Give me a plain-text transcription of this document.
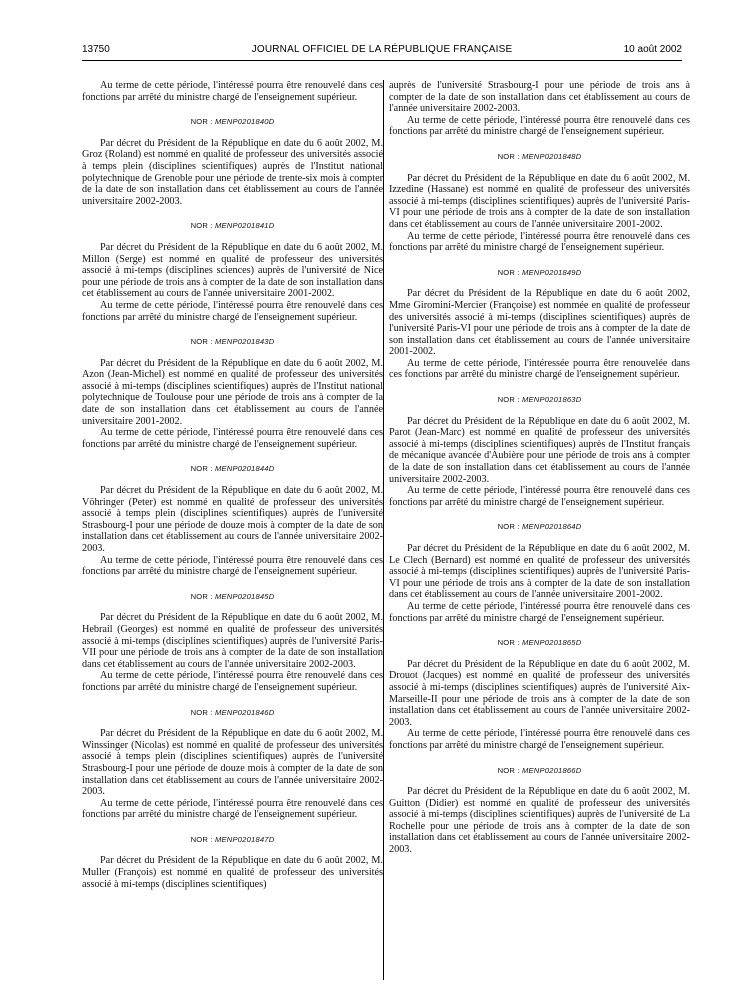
13750	JOURNAL OFFICIEL DE LA RÉPUBLIQUE FRANÇAISE	10 août 2002

Au terme de cette période, l'intéressé pourra être renouvelé dans ces fonctions par arrêté du ministre chargé de l'enseignement supérieur.

NOR : MENP0201840D

Par décret du Président de la République en date du 6 août 2002, M. Groz (Roland) est nommé en qualité de professeur des universités associé à temps plein (disciplines scientifiques) auprès de l'Institut national polytechnique de Grenoble pour une période de trente-six mois à compter de la date de son installation dans cet établissement au cours de l'année universitaire 2002-2003.

NOR : MENP0201841D

Par décret du Président de la République en date du 6 août 2002, M. Millon (Serge) est nommé en qualité de professeur des universités associé à mi-temps (disciplines sciences) auprès de l'université de Nice pour une période de trois ans à compter de la date de son installation dans cet établissement au cours de l'année universitaire 2001-2002.

Au terme de cette période, l'intéressé pourra être renouvelé dans ces fonctions par arrêté du ministre chargé de l'enseignement supérieur.

NOR : MENP0201843D

Par décret du Président de la République en date du 6 août 2002, M. Azon (Jean-Michel) est nommé en qualité de professeur des universités associé à mi-temps (disciplines scientifiques) auprès de l'Institut national polytechnique de Toulouse pour une période de trois ans à compter de la date de son installation dans cet établissement au cours de l'année universitaire 2001-2002.

Au terme de cette période, l'intéressé pourra être renouvelé dans ces fonctions par arrêté du ministre chargé de l'enseignement supérieur.

NOR : MENP0201844D

Par décret du Président de la République en date du 6 août 2002, M. Vöhringer (Peter) est nommé en qualité de professeur des universités associé à temps plein (disciplines scientifiques) auprès de l'université Strasbourg-I pour une période de douze mois à compter de la date de son installation dans cet établissement au cours de l'année universitaire 2002-2003.

Au terme de cette période, l'intéressé pourra être renouvelé dans ces fonctions par arrêté du ministre chargé de l'enseignement supérieur.

NOR : MENP0201845D

Par décret du Président de la République en date du 6 août 2002, M. Hebrail (Georges) est nommé en qualité de professeur des universités associé à mi-temps (disciplines scientifiques) auprès de l'université Paris-VII pour une période de trois ans à compter de la date de son installation dans cet établissement au cours de l'année universitaire 2002-2003.

Au terme de cette période, l'intéressé pourra être renouvelé dans ces fonctions par arrêté du ministre chargé de l'enseignement supérieur.

NOR : MENP0201846D

Par décret du Président de la République en date du 6 août 2002, M. Winssinger (Nicolas) est nommé en qualité de professeur des universités associé à temps plein (disciplines scientifiques) auprès de l'université Strasbourg-I pour une période de douze mois à compter de la date de son installation dans cet établissement au cours de l'année universitaire 2002-2003.

Au terme de cette période, l'intéressé pourra être renouvelé dans ces fonctions par arrêté du ministre chargé de l'enseignement supérieur.

NOR : MENP0201847D

Par décret du Président de la République en date du 6 août 2002, M. Muller (François) est nommé en qualité de professeur des universités associé à mi-temps (disciplines scientifiques)

auprès de l'université Strasbourg-I pour une période de trois ans à compter de la date de son installation dans cet établissement au cours de l'année universitaire 2002-2003.

Au terme de cette période, l'intéressé pourra être renouvelé dans ces fonctions par arrêté du ministre chargé de l'enseignement supérieur.

NOR : MENP0201848D

Par décret du Président de la République en date du 6 août 2002, M. Izzedine (Hassane) est nommé en qualité de professeur des universités associé à mi-temps (disciplines scientifiques) auprès de l'université Paris-VI pour une période de trois ans à compter de la date de son installation dans cet établissement au cours de l'année universitaire 2001-2002.

Au terme de cette période, l'intéressé pourra être renouvelé dans ces fonctions par arrêté du ministre chargé de l'enseignement supérieur.

NOR : MENP0201849D

Par décret du Président de la République en date du 6 août 2002, Mme Giromini-Mercier (Françoise) est nommée en qualité de professeur des universités associé à mi-temps (disciplines scientifiques) auprès de l'université Paris-VI pour une période de trois ans à compter de la date de son installation dans cet établissement au cours de l'année universitaire 2001-2002.

Au terme de cette période, l'intéressée pourra être renouvelée dans ces fonctions par arrêté du ministre chargé de l'enseignement supérieur.

NOR : MENP0201863D

Par décret du Président de la République en date du 6 août 2002, M. Parot (Jean-Marc) est nommé en qualité de professeur des universités associé à mi-temps (disciplines scientifiques) auprès de l'Institut français de mécanique avancée d'Aubière pour une période de trois ans à compter de la date de son installation dans cet établissement au cours de l'année universitaire 2002-2003.

Au terme de cette période, l'intéressé pourra être renouvelé dans ces fonctions par arrêté du ministre chargé de l'enseignement supérieur.

NOR : MENP0201864D

Par décret du Président de la République en date du 6 août 2002, M. Le Clech (Bernard) est nommé en qualité de professeur des universités associé à mi-temps (disciplines scientifiques) auprès de l'université Paris-VI pour une période de trois ans à compter de la date de son installation dans cet établissement au cours de l'année universitaire 2001-2002.

Au terme de cette période, l'intéressé pourra être renouvelé dans ces fonctions par arrêté du ministre chargé de l'enseignement supérieur.

NOR : MENP0201865D

Par décret du Président de la République en date du 6 août 2002, M. Drouot (Jacques) est nommé en qualité de professeur des universités associé à mi-temps (disciplines scientifiques) auprès de l'université Aix-Marseille-II pour une période de trois ans à compter de la date de son installation dans cet établissement au cours de l'année universitaire 2002-2003.

Au terme de cette période, l'intéressé pourra être renouvelé dans ces fonctions par arrêté du ministre chargé de l'enseignement supérieur.

NOR : MENP0201866D

Par décret du Président de la République en date du 6 août 2002, M. Guitton (Didier) est nommé en qualité de professeur des universités associé à mi-temps (disciplines scientifiques) auprès de l'université de La Rochelle pour une période de trois ans à compter de la date de son installation dans cet établissement au cours de l'année universitaire 2002-2003.
